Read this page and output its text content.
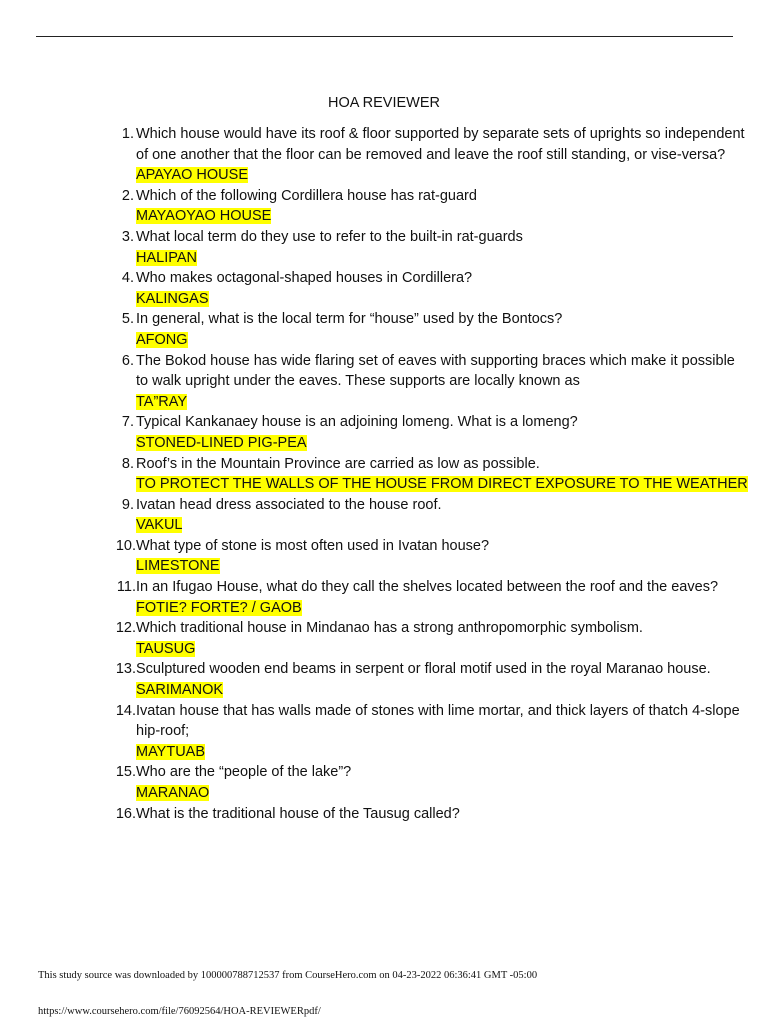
HOA REVIEWER
1. Which house would have its roof & floor supported by separate sets of uprights so independent of one another that the floor can be removed and leave the roof still standing, or vise-versa?
APAYAO HOUSE
2. Which of the following Cordillera house has rat-guard
MAYAOYAO HOUSE
3. What local term do they use to refer to the built-in rat-guards
HALIPAN
4. Who makes octagonal-shaped houses in Cordillera?
KALINGAS
5. In general, what is the local term for “house” used by the Bontocs?
AFONG
6. The Bokod house has wide flaring set of eaves with supporting braces which make it possible to walk upright under the eaves. These supports are locally known as
TA”RAY
7. Typical Kankanaey house is an adjoining lomeng. What is a lomeng?
STONED-LINED PIG-PEA
8. Roof’s in the Mountain Province are carried as low as possible.
TO PROTECT THE WALLS OF THE HOUSE FROM DIRECT EXPOSURE TO THE WEATHER
9. Ivatan head dress associated to the house roof.
VAKUL
10. What type of stone is most often used in Ivatan house?
LIMESTONE
11. In an Ifugao House, what do they call the shelves located between the roof and the eaves?
FOTIE? FORTE? / GAOB
12. Which traditional house in Mindanao has a strong anthropomorphic symbolism.
TAUSUG
13. Sculptured wooden end beams in serpent or floral motif used in the royal Maranao house.
SARIMANOK
14. Ivatan house that has walls made of stones with lime mortar, and thick layers of thatch 4-slope hip-roof;
MAYTUAB
15. Who are the “people of the lake”?
MARANAO
16. What is the traditional house of the Tausug called?
This study source was downloaded by 100000788712537 from CourseHero.com on 04-23-2022 06:36:41 GMT -05:00
https://www.coursehero.com/file/76092564/HOA-REVIEWERpdf/
